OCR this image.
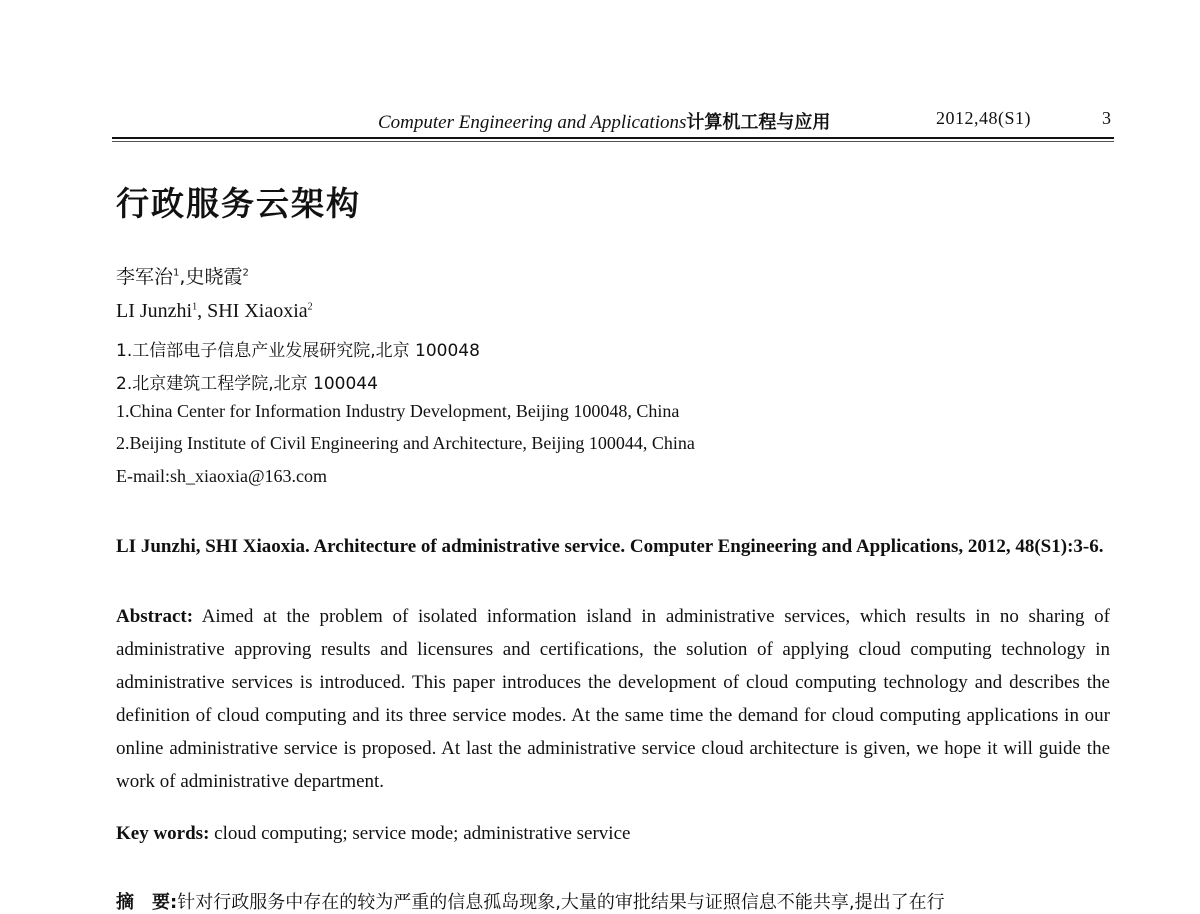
Computer Engineering and Applications计算机工程与应用	2012,48(S1)	3
行政服务云架构
李军治$^1$,史晓霞$^2$
LI Junzhi$^1$, SHI Xiaoxia$^2$
1.工信部电子信息产业发展研究院,北京 100048
2.北京建筑工程学院,北京 100044
1.China Center for Information Industry Development, Beijing 100048, China
2.Beijing Institute of Civil Engineering and Architecture, Beijing 100044, China
E-mail:sh_xiaoxia@163.com
LI Junzhi, SHI Xiaoxia. Architecture of administrative service. Computer Engineering and Applications, 2012, 48(S1):3-6.
Abstract: Aimed at the problem of isolated information island in administrative services, which results in no sharing of administrative approving results and licensures and certifications, the solution of applying cloud computing technology in administrative services is introduced. This paper introduces the development of cloud computing technology and describes the definition of cloud computing and its three service modes. At the same time the demand for cloud computing applications in our online administrative service is proposed. At last the administrative service cloud architecture is given, we hope it will guide the work of administrative department.
Key words: cloud computing; service mode; administrative service
摘　要:针对行政服务中存在的较为严重的信息孤岛现象,大量的审批结果与证照信息不能共享,提出了在行
